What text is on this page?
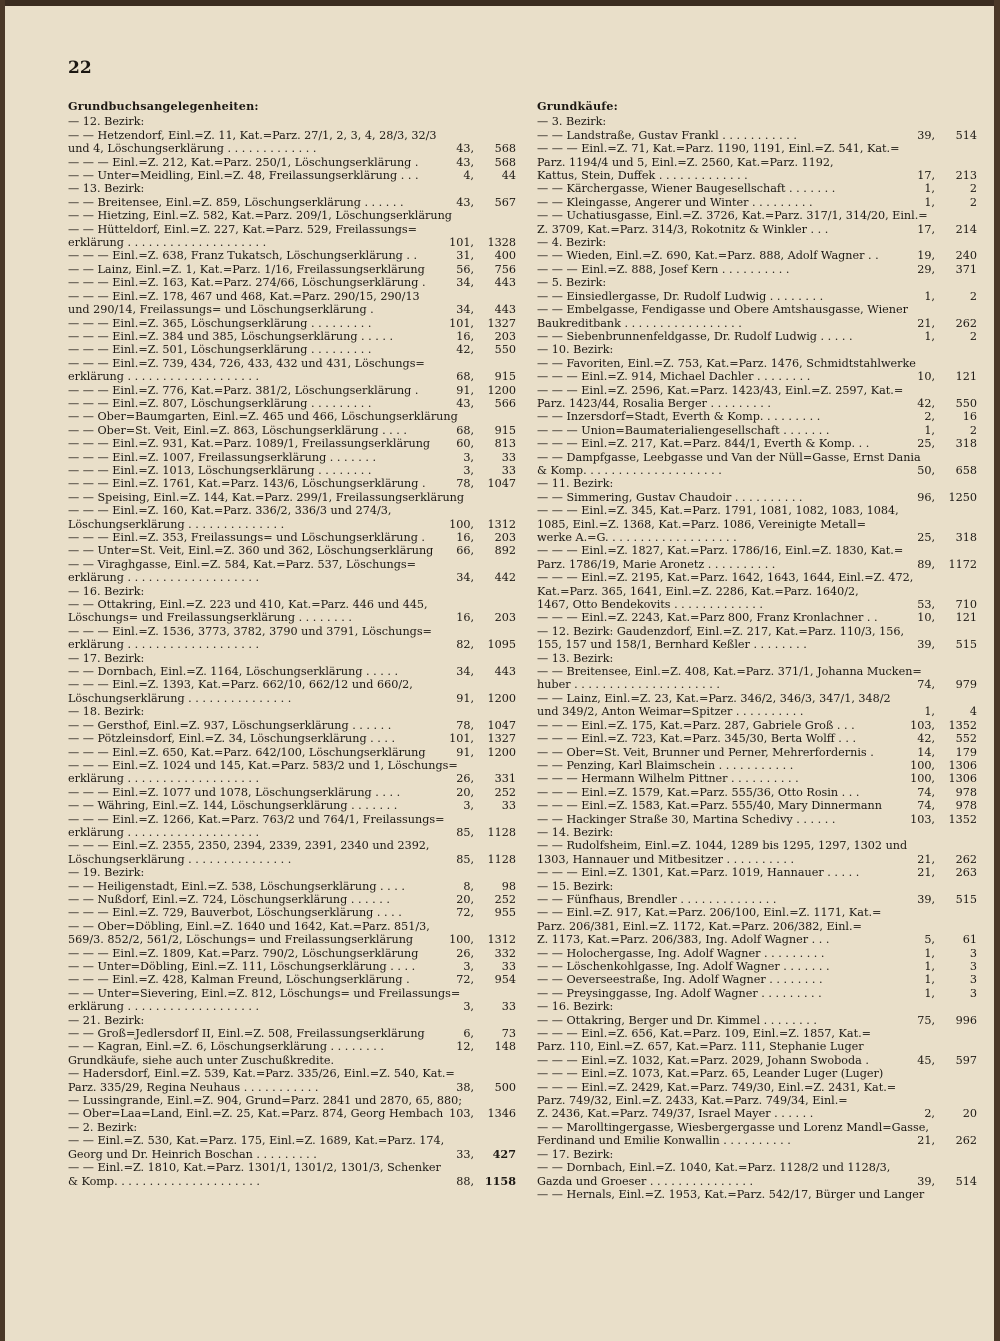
22
Grundbuchsangelegenheiten:
— 12. Bezirk:
— — Hetzendorf, Einl.=Z. 11, Kat.=Parz. 27/1, 2, 3, 4, 28/3, 32/3
und 4, Löschungserklärung . . . . . . . . . . . . .	43,	568
— — — Einl.=Z. 212, Kat.=Parz. 250/1, Löschungserklärung .	43,	568
— — Unter=Meidling, Einl.=Z. 48, Freilassungserklärung . . .	4,	44
— 13. Bezirk:
— — Breitensee, Einl.=Z. 859, Löschungserklärung . . . . . .	43,	567
— — Hietzing, Einl.=Z. 582, Kat.=Parz. 209/1, Löschungserklärung
— — Hütteldorf, Einl.=Z. 227, Kat.=Parz. 529, Freilassungs=
erklärung . . . . . . . . . . . . . . . . . . . .	101,	1328
— — — Einl.=Z. 638, Franz Tukatsch, Löschungserklärung . .	31,	400
— — Lainz, Einl.=Z. 1, Kat.=Parz. 1/16, Freilassungserklärung	56,	756
— — — Einl.=Z. 163, Kat.=Parz. 274/66, Löschungserklärung .	34,	443
— — — Einl.=Z. 178, 467 und 468, Kat.=Parz. 290/15, 290/13
und 290/14, Freilassungs= und Löschungserklärung .	34,	443
— — — Einl.=Z. 365, Löschungserklärung . . . . . . . . .	101,	1327
— — — Einl.=Z. 384 und 385, Löschungserklärung . . . . .	16,	203
— — — Einl.=Z. 501, Löschungserklärung . . . . . . . . .	42,	550
— — — Einl.=Z. 739, 434, 726, 433, 432 und 431, Löschungs=
erklärung . . . . . . . . . . . . . . . . . . .	68,	915
— — — Einl.=Z. 776, Kat.=Parz. 381/2, Löschungserklärung .	91,	1200
— — — Einl.=Z. 807, Löschungserklärung . . . . . . . . .	43,	566
— — Ober=Baumgarten, Einl.=Z. 465 und 466, Löschungserklärung
— — Ober=St. Veit, Einl.=Z. 863, Löschungserklärung . . . .	68,	915
— — — Einl.=Z. 931, Kat.=Parz. 1089/1, Freilassungserklärung 60,	813
— — — Einl.=Z. 1007, Freilassungserklärung . . . . . . .	3,	33
— — — Einl.=Z. 1013, Löschungserklärung . . . . . . . .	3,	33
— — — Einl.=Z. 1761, Kat.=Parz. 143/6, Löschungserklärung .	78,	1047
— — Speising, Einl.=Z. 144, Kat.=Parz. 299/1, Freilassungserklärung
— — — Einl.=Z. 160, Kat.=Parz. 336/2, 336/3 und 274/3,
Löschungserklärung . . . . . . . . . . . . . .	100,	1312
— — — Einl.=Z. 353, Freilassungs= und Löschungserklärung .	16,	203
— — Unter=St. Veit, Einl.=Z. 360 und 362, Löschungserklärung 66,	892
— — Viraghgasse, Einl.=Z. 584, Kat.=Parz. 537, Löschungs=
erklärung . . . . . . . . . . . . . . . . . . .	34,	442
— 16. Bezirk:
— — Ottakring, Einl.=Z. 223 und 410, Kat.=Parz. 446 und 445,
Löschungs= und Freilassungserklärung . . . . . . . .	16,	203
— — — Einl.=Z. 1536, 3773, 3782, 3790 und 3791, Löschungs=
erklärung . . . . . . . . . . . . . . . . . . .	82,	1095
— 17. Bezirk:
— — Dornbach, Einl.=Z. 1164, Löschungserklärung . . . . .	34,	443
— — — Einl.=Z. 1393, Kat.=Parz. 662/10, 662/12 und 660/2,
Löschungserklärung . . . . . . . . . . . . . . .	91,	1200
— 18. Bezirk:
— — Gersthof, Einl.=Z. 937, Löschungserklärung . . . . . .	78,	1047
— — Pötzleinsdorf, Einl.=Z. 34, Löschungserklärung . . . .	101,	1327
— — — Einl.=Z. 650, Kat.=Parz. 642/100, Löschungserklärung	91,	1200
— — — Einl.=Z. 1024 und 145, Kat.=Parz. 583/2 und 1, Löschungs=
erklärung . . . . . . . . . . . . . . . . . . .	26,	331
— — — Einl.=Z. 1077 und 1078, Löschungserklärung . . . .	20,	252
— — Währing, Einl.=Z. 144, Löschungserklärung . . . . . . .	3,	33
— — — Einl.=Z. 1266, Kat.=Parz. 763/2 und 764/1, Freilassungs=
erklärung . . . . . . . . . . . . . . . . . . .	85,	1128
— — — Einl.=Z. 2355, 2350, 2394, 2339, 2391, 2340 und 2392,
Löschungserklärung . . . . . . . . . . . . . . .	85,	1128
— 19. Bezirk:
— — Heiligenstadt, Einl.=Z. 538, Löschungserklärung . . . .	8,	98
— — Nußdorf, Einl.=Z. 724, Löschungserklärung . . . . . .	20,	252
— — — Einl.=Z. 729, Bauverbot, Löschungserklärung . . . .	72,	955
— — Ober=Döbling, Einl.=Z. 1640 und 1642, Kat.=Parz. 851/3,
569/3. 852/2, 561/2, Löschungs= und Freilassungserklärung	100,	1312
— — — Einl.=Z. 1809, Kat.=Parz. 790/2, Löschungserklärung	26,	332
— — Unter=Döbling, Einl.=Z. 111, Löschungserklärung . . . .	3,	33
— — — Einl.=Z. 428, Kalman Freund, Löschungserklärung .	72,	954
— — Unter=Sievering, Einl.=Z. 812, Löschungs= und Freilassungs=
erklärung . . . . . . . . . . . . . . . . . . .	3,	33
— 21. Bezirk:
— — Groß=Jedlersdorf II, Einl.=Z. 508, Freilassungserklärung	6,	73
— — Kagran, Einl.=Z. 6, Löschungserklärung . . . . . . . .	12,	148
Grundkäufe, siehe auch unter Zuschußkredite.
— Hadersdorf, Einl.=Z. 539, Kat.=Parz. 335/26, Einl.=Z. 540, Kat.=
Parz. 335/29, Regina Neuhaus . . . . . . . . . . .	38,	500
— Lussingrande, Einl.=Z. 904, Grund=Parz. 2841 und 2870, 65, 880;
— Ober=Laa=Land, Einl.=Z. 25, Kat.=Parz. 874, Georg Hembach 103,	1346
— 2. Bezirk:
— — Einl.=Z. 530, Kat.=Parz. 175, Einl.=Z. 1689, Kat.=Parz. 174,
Georg und Dr. Heinrich Boschan . . . . . . . . .	33,	427
— — Einl.=Z. 1810, Kat.=Parz. 1301/1, 1301/2, 1301/3, Schenker
& Komp. . . . . . . . . . . . . . . . . . . . .	88, 1158
Grundkäufe:
— 3. Bezirk:
— — Landstraße, Gustav Frankl . . . . . . . . . . .	39,	514
— — — Einl.=Z. 71, Kat.=Parz. 1190, 1191, Einl.=Z. 541, Kat.=
Parz. 1194/4 und 5, Einl.=Z. 2560, Kat.=Parz. 1192,
Kattus, Stein, Duffek . . . . . . . . . . . . .	17,	213
— — Kärchergasse, Wiener Baugesellschaft . . . . . . .	1,	2
— — Kleingasse, Angerer und Winter . . . . . . . . .	1,	2
— — Uchatiusgasse, Einl.=Z. 3726, Kat.=Parz. 317/1, 314/20, Einl.=
Z. 3709, Kat.=Parz. 314/3, Rokotnitz & Winkler . . .	17,	214
— 4. Bezirk:
— — Wieden, Einl.=Z. 690, Kat.=Parz. 888, Adolf Wagner . .	19,	240
— — — Einl.=Z. 888, Josef Kern . . . . . . . . . .	29,	371
— 5. Bezirk:
— — Einsiedlergasse, Dr. Rudolf Ludwig . . . . . . . .	1,	2
— — Embelgasse, Fendigasse und Obere Amtshausgasse, Wiener
Baukreditbank . . . . . . . . . . . . . . . . .	21,	262
— — Siebenbrunnenfeldgasse, Dr. Rudolf Ludwig . . . . .	1,	2
— 10. Bezirk:
— — Favoriten, Einl.=Z. 753, Kat.=Parz. 1476, Schmidtstahlwerke
— — — Einl.=Z. 914, Michael Dachler . . . . . . . .	10,	121
— — — Einl.=Z. 2596, Kat.=Parz. 1423/43, Einl.=Z. 2597, Kat.=
Parz. 1423/44, Rosalia Berger . . . . . . . . .	42,	550
— — Inzersdorf=Stadt, Everth & Komp. . . . . . . . .	2,	16
— — — Union=Baumaterialiengesellschaft . . . . . . .	1,	2
— — — Einl.=Z. 217, Kat.=Parz. 844/1, Everth & Komp. . .	25,	318
— — Dampfgasse, Leebgasse und Van der Nüll=Gasse, Ernst Dania
& Komp. . . . . . . . . . . . . . . . . . . .	50,	658
— 11. Bezirk:
— — Simmering, Gustav Chaudoir . . . . . . . . . .	96,	1250
— — — Einl.=Z. 345, Kat.=Parz. 1791, 1081, 1082, 1083, 1084,
1085, Einl.=Z. 1368, Kat.=Parz. 1086, Vereinigte Metall=
werke A.=G. . . . . . . . . . . . . . . . . . .	25,	318
— — — Einl.=Z. 1827, Kat.=Parz. 1786/16, Einl.=Z. 1830, Kat.=
Parz. 1786/19, Marie Aronetz . . . . . . . . . .	89,	1172
— — — Einl.=Z. 2195, Kat.=Parz. 1642, 1643, 1644, Einl.=Z. 472,
Kat.=Parz. 365, 1641, Einl.=Z. 2286, Kat.=Parz. 1640/2,
1467, Otto Bendekovits . . . . . . . . . . . . .	53,	710
— — — Einl.=Z. 2243, Kat.=Parz 800, Franz Kronlachner . .	10,	121
— 12. Bezirk: Gaudenzdorf, Einl.=Z. 217, Kat.=Parz. 110/3, 156,
155, 157 und 158/1, Bernhard Keßler . . . . . . . .	39,	515
— 13. Bezirk:
— — Breitensee, Einl.=Z. 408, Kat.=Parz. 371/1, Johanna Mucken=
huber . . . . . . . . . . . . . . . . . . . . .	74,	979
— — Lainz, Einl.=Z. 23, Kat.=Parz. 346/2, 346/3, 347/1, 348/2
und 349/2, Anton Weimar=Spitzer . . . . . . . . . .	1,	4
— — — Einl.=Z. 175, Kat.=Parz. 287, Gabriele Groß . . .	103,	1352
— — — Einl.=Z. 723, Kat.=Parz. 345/30, Berta Wolff . . .	42,	552
— — Ober=St. Veit, Brunner und Perner, Mehrerfordernis .	14,	179
— — Penzing, Karl Blaimschein . . . . . . . . . . .	100,	1306
— — — Hermann Wilhelm Pittner . . . . . . . . . .	100,	1306
— — — Einl.=Z. 1579, Kat.=Parz. 555/36, Otto Rosin . . .	74,	978
— — — Einl.=Z. 1583, Kat.=Parz. 555/40, Mary Dinnermann	74,	978
— — Hackinger Straße 30, Martina Schedivy . . . . . .	103,	1352
— 14. Bezirk:
— — Rudolfsheim, Einl.=Z. 1044, 1289 bis 1295, 1297, 1302 und
1303, Hannauer und Mitbesitzer . . . . . . . . . .	21,	262
— — — Einl.=Z. 1301, Kat.=Parz. 1019, Hannauer . . . . .	21,	263
— 15. Bezirk:
— — Fünfhaus, Brendler . . . . . . . . . . . . . .	39,	515
— — Einl.=Z. 917, Kat.=Parz. 206/100, Einl.=Z. 1171, Kat.=
Parz. 206/381, Einl.=Z. 1172, Kat.=Parz. 206/382, Einl.=
Z. 1173, Kat.=Parz. 206/383, Ing. Adolf Wagner . . .	5,	61
— — Holochergasse, Ing. Adolf Wagner . . . . . . . . .	1,	3
— — Löschenkohlgasse, Ing. Adolf Wagner . . . . . . .	1,	3
— — Oeverseestraße, Ing. Adolf Wagner . . . . . . . .	1,	3
— — Preysinggasse, Ing. Adolf Wagner . . . . . . . . .	1,	3
— 16. Bezirk:
— — Ottakring, Berger und Dr. Kimmel . . . . . . . .	75,	996
— — — Einl.=Z. 656, Kat.=Parz. 109, Einl.=Z. 1857, Kat.=
Parz. 110, Einl.=Z. 657, Kat.=Parz. 111, Stephanie Luger
— — — Einl.=Z. 1032, Kat.=Parz. 2029, Johann Swoboda .	45,	597
— — — Einl.=Z. 1073, Kat.=Parz. 65, Leander Luger (Luger)
— — — Einl.=Z. 2429, Kat.=Parz. 749/30, Einl.=Z. 2431, Kat.=
Parz. 749/32, Einl.=Z. 2433, Kat.=Parz. 749/34, Einl.=
Z. 2436, Kat.=Parz. 749/37, Israel Mayer . . . . . .	2,	20
— — Marolltingergasse, Wiesbergergasse und Lorenz Mandl=Gasse,
Ferdinand und Emilie Konwallin . . . . . . . . . .	21,	262
— 17. Bezirk:
— — Dornbach, Einl.=Z. 1040, Kat.=Parz. 1128/2 und 1128/3,
Gazda und Groeser . . . . . . . . . . . . . . .	39,	514
— — Hernals, Einl.=Z. 1953, Kat.=Parz. 542/17, Bürger und Langer
